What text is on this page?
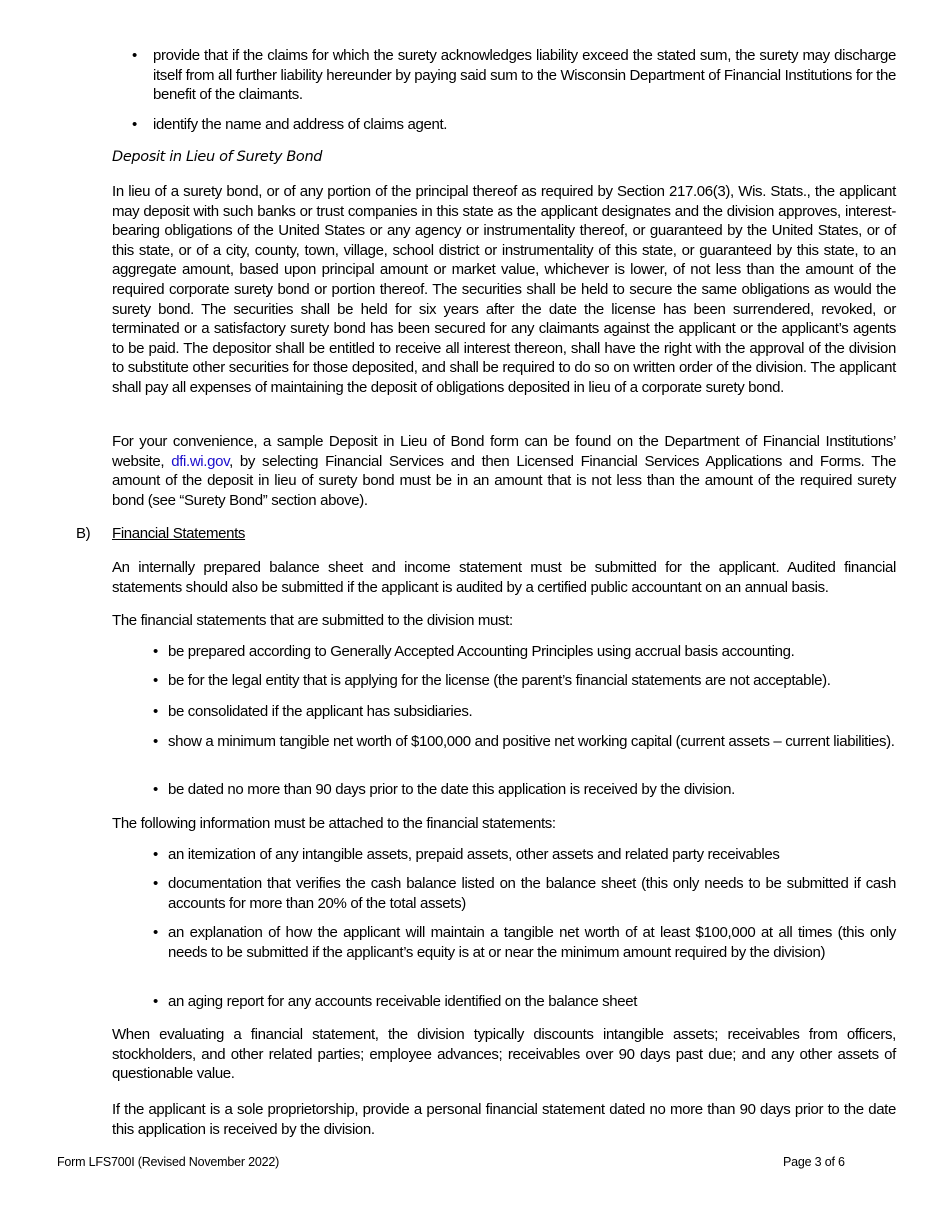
• provide that if the claims for which the surety acknowledges liability exceed the stated sum, the surety may discharge itself from all further liability hereunder by paying said sum to the Wisconsin Department of Financial Institutions for the benefit of the claimants.
• identify the name and address of claims agent.
Deposit in Lieu of Surety Bond
In lieu of a surety bond, or of any portion of the principal thereof as required by Section 217.06(3), Wis. Stats., the applicant may deposit with such banks or trust companies in this state as the applicant designates and the division approves, interest-bearing obligations of the United States or any agency or instrumentality thereof, or guaranteed by the United States, or of this state, or of a city, county, town, village, school district or instrumentality of this state, or guaranteed by this state, to an aggregate amount, based upon principal amount or market value, whichever is lower, of not less than the amount of the required corporate surety bond or portion thereof. The securities shall be held to secure the same obligations as would the surety bond. The securities shall be held for six years after the date the license has been surrendered, revoked, or terminated or a satisfactory surety bond has been secured for any claimants against the applicant or the applicant’s agents to be paid. The depositor shall be entitled to receive all interest thereon, shall have the right with the approval of the division to substitute other securities for those deposited, and shall be required to do so on written order of the division. The applicant shall pay all expenses of maintaining the deposit of obligations deposited in lieu of a corporate surety bond.
For your convenience, a sample Deposit in Lieu of Bond form can be found on the Department of Financial Institutions’ website, dfi.wi.gov, by selecting Financial Services and then Licensed Financial Services Applications and Forms. The amount of the deposit in lieu of surety bond must be in an amount that is not less than the amount of the required surety bond (see “Surety Bond” section above).
B) Financial Statements
An internally prepared balance sheet and income statement must be submitted for the applicant. Audited financial statements should also be submitted if the applicant is audited by a certified public accountant on an annual basis.
The financial statements that are submitted to the division must:
• be prepared according to Generally Accepted Accounting Principles using accrual basis accounting.
• be for the legal entity that is applying for the license (the parent’s financial statements are not acceptable).
• be consolidated if the applicant has subsidiaries.
• show a minimum tangible net worth of $100,000 and positive net working capital (current assets – current liabilities).
• be dated no more than 90 days prior to the date this application is received by the division.
The following information must be attached to the financial statements:
• an itemization of any intangible assets, prepaid assets, other assets and related party receivables
• documentation that verifies the cash balance listed on the balance sheet (this only needs to be submitted if cash accounts for more than 20% of the total assets)
• an explanation of how the applicant will maintain a tangible net worth of at least $100,000 at all times (this only needs to be submitted if the applicant’s equity is at or near the minimum amount required by the division)
• an aging report for any accounts receivable identified on the balance sheet
When evaluating a financial statement, the division typically discounts intangible assets; receivables from officers, stockholders, and other related parties; employee advances; receivables over 90 days past due; and any other assets of questionable value.
If the applicant is a sole proprietorship, provide a personal financial statement dated no more than 90 days prior to the date this application is received by the division.
Form LFS700I (Revised November 2022)	Page 3 of 6
